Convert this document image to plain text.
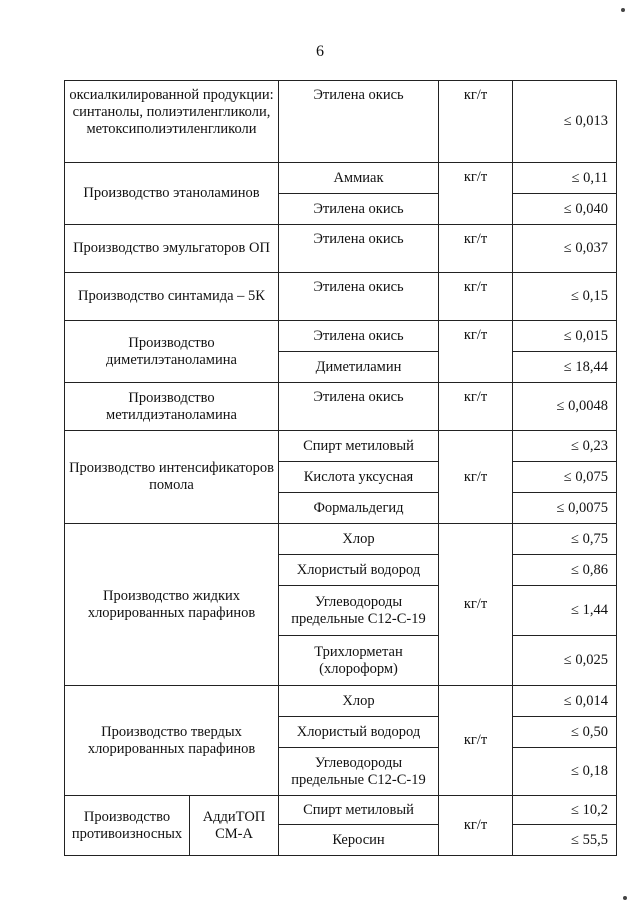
6
оксиалкилированной продукции: синтанолы, полиэтиленгликоли, метоксиполиэтиленгликоли		Этилена окись	кг/т	≤ 0,013
Производство этаноламинов		Аммиак	кг/т	≤ 0,11
		Этилена окись		≤ 0,040
Производство эмульгаторов ОП		Этилена окись	кг/т	≤ 0,037
Производство синтамида – 5К		Этилена окись	кг/т	≤ 0,15
Производство диметилэтаноламина		Этилена окись	кг/т	≤ 0,015
		Диметиламин		≤ 18,44
Производство метилдиэтаноламина		Этилена окись	кг/т	≤ 0,0048
Производство интенсификаторов помола		Спирт метиловый	кг/т	≤ 0,23
		Кислота уксусная		≤ 0,075
		Формальдегид		≤ 0,0075
Производство жидких хлорированных парафинов		Хлор	кг/т	≤ 0,75
		Хлористый водород		≤ 0,86
		Углеводороды предельные С12-С-19		≤ 1,44
		Трихлорметан (хлороформ)		≤ 0,025
Производство твердых хлорированных парафинов		Хлор	кг/т	≤ 0,014
		Хлористый водород		≤ 0,50
		Углеводороды предельные С12-С-19		≤ 0,18
Производство противоизносных	АддиТОП СМ-А	Спирт метиловый	кг/т	≤ 10,2
		Керосин		≤ 55,5
